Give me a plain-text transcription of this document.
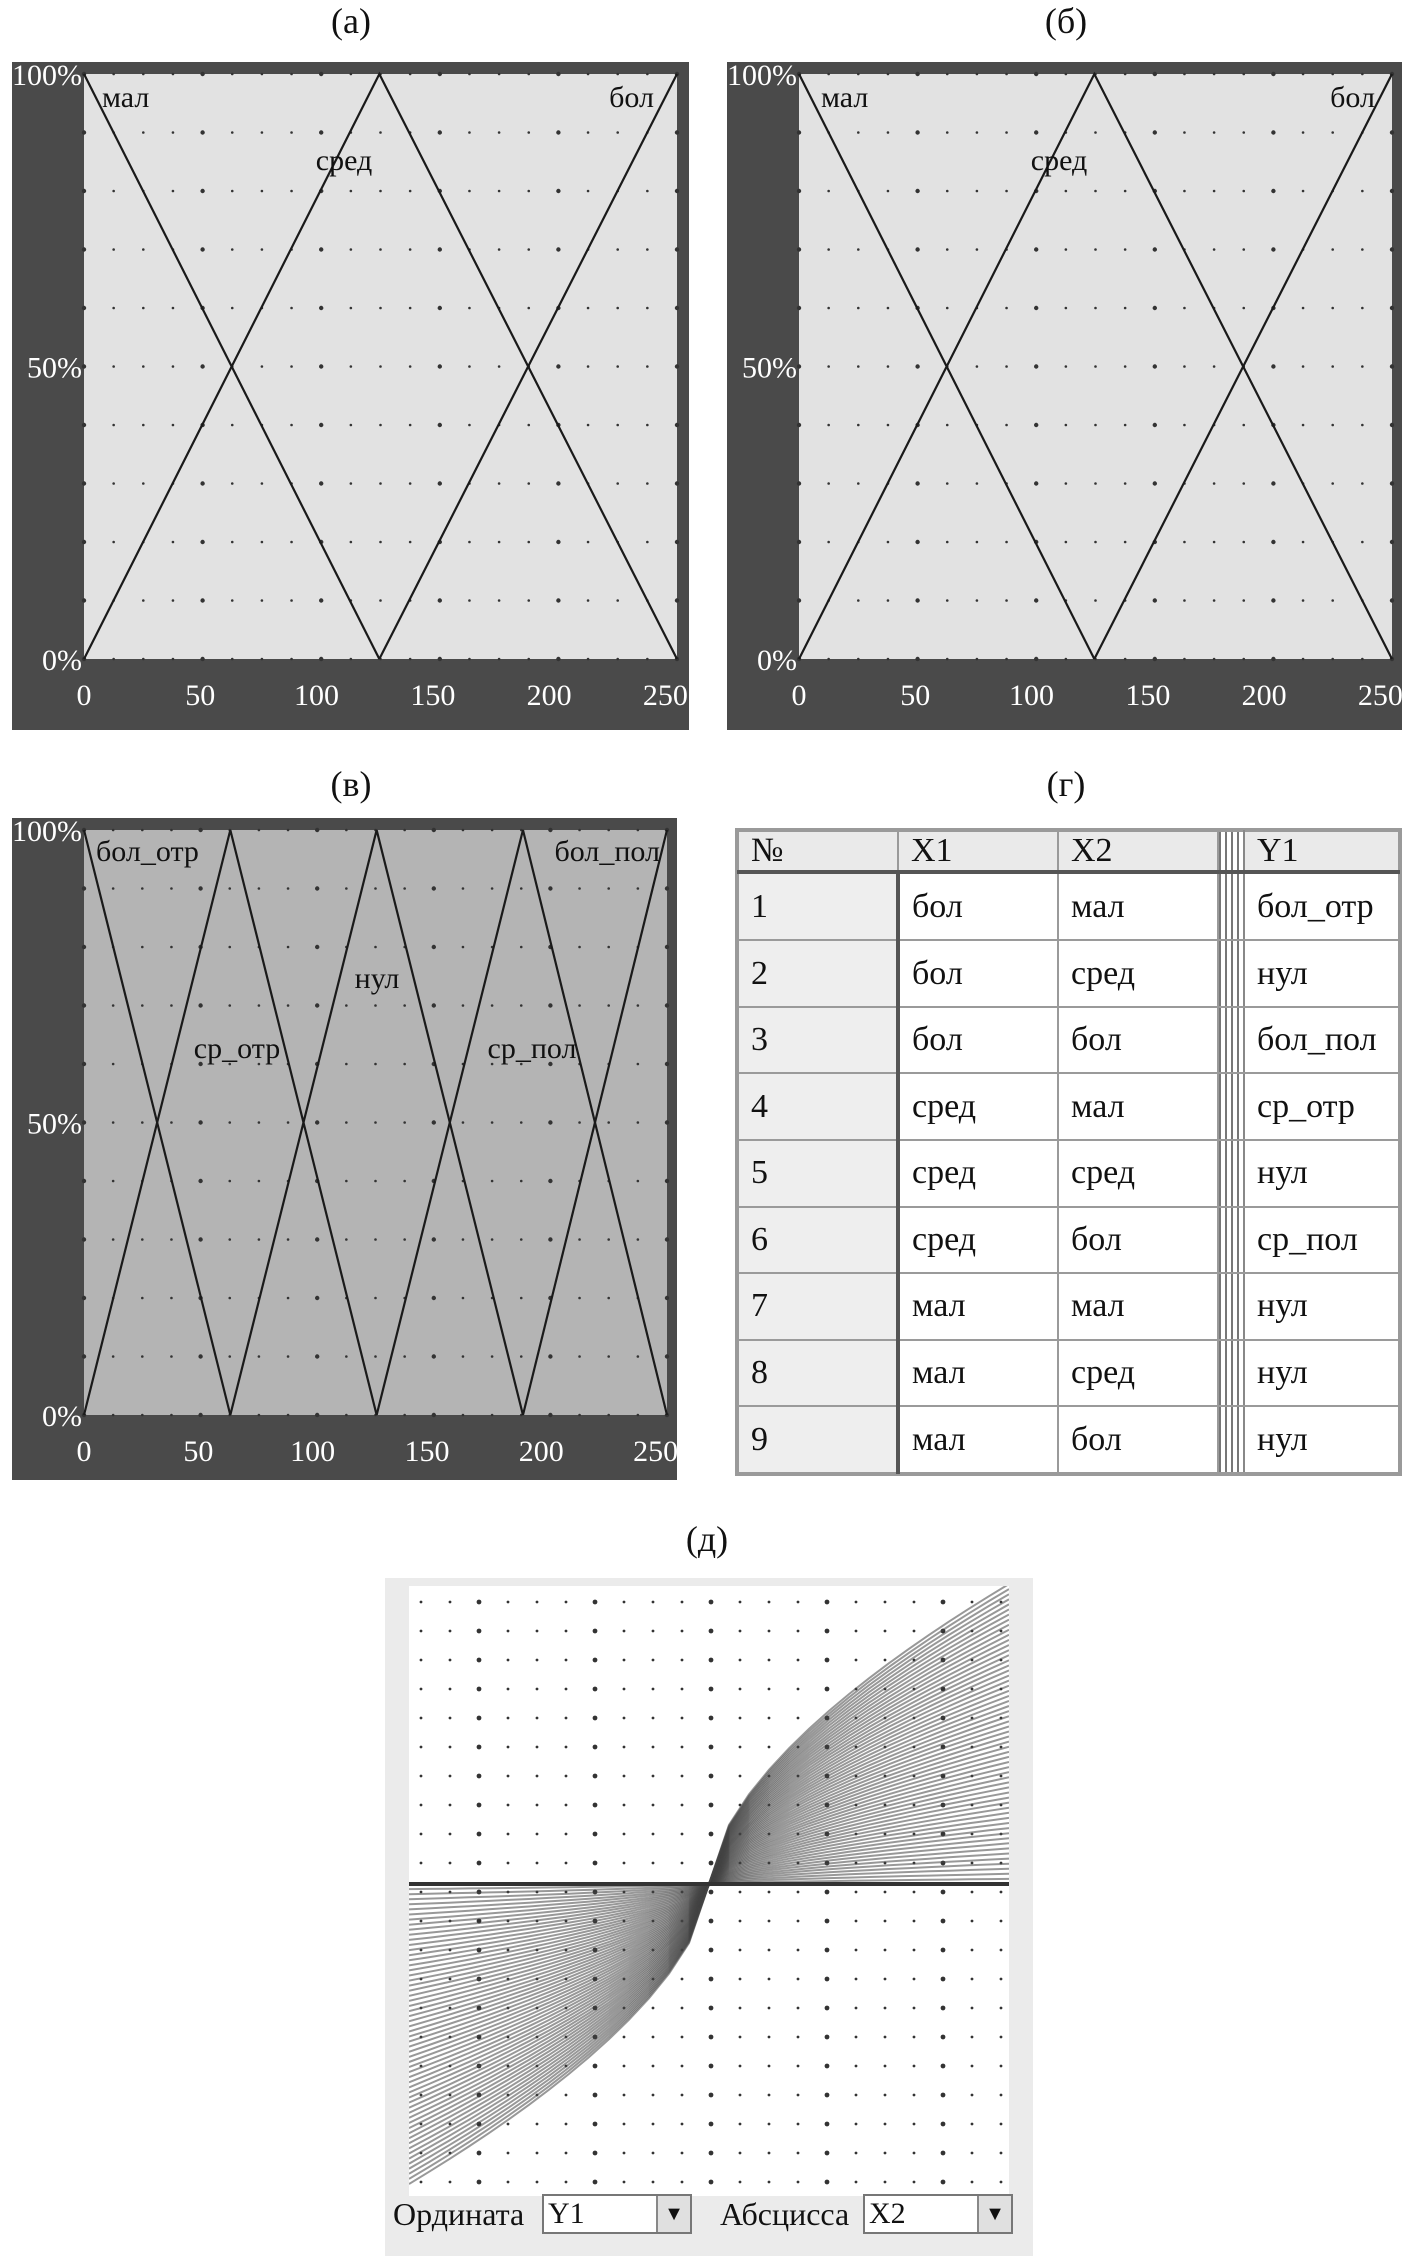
(а)	(б)
(в)	(г)
(д)
мал
сред
бол
100%
50%
0%
0	50	100 150 200 250
мал
сред
бол
100%
50%
0%
0	50	100 150 200 250
бол_отр
ср_отр
нул
ср_пол
бол_пол
100%
50%
0%
0	50	100 150 200 250
№	X1	X2		Y1
1	бол	мал		бол_отр
2	бол	сред		нул
3	бол	бол		бол_пол
4	сред	мал		ср_отр
5	сред	сред		нул
6	сред	бол		ср_пол
7	мал	мал		нул
8	мал	сред		нул
9	мал	бол		нул
Ордината Y1	▼ Абсцисса X2	▼
